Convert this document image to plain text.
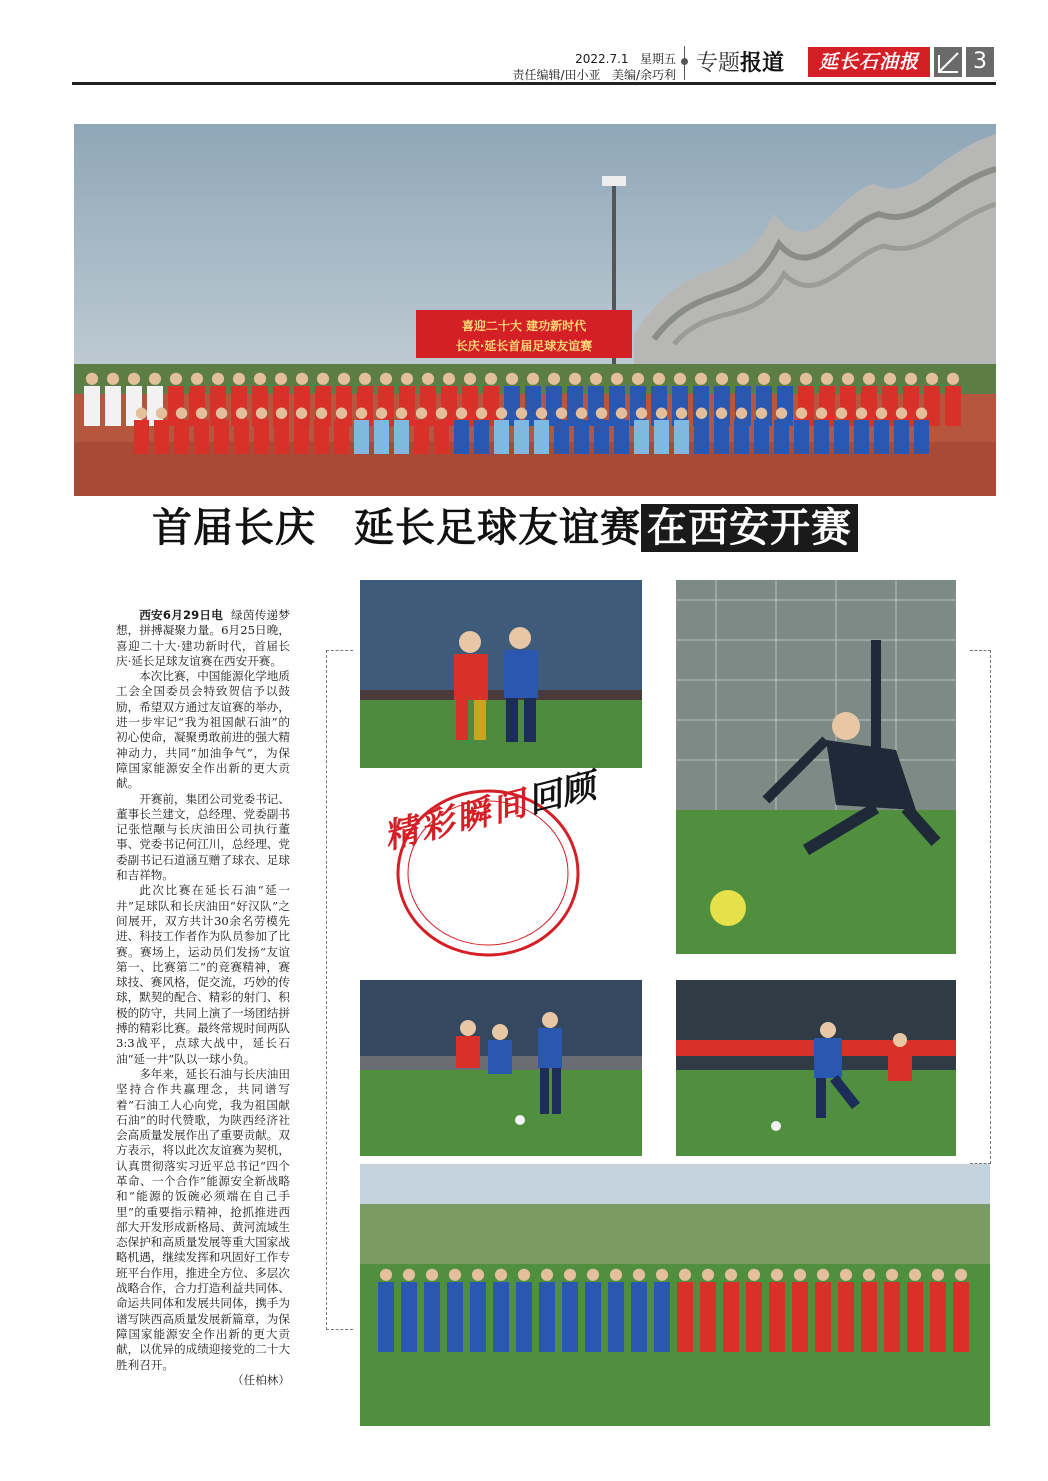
2022.7.1 星期五
责任编辑/田小亚 美编/余巧利 专题报道	延长石油报	3
喜迎二十大 建功新时代
长庆·延长首届足球友谊赛
首届长庆 延长足球友谊赛 在西安开赛

西安6月29日电 绿茵传递梦想，拼搏凝聚力量。6月25日晚，喜迎二十大·建功新时代，首届长庆·延长足球友谊赛在西安开赛。

本次比赛，中国能源化学地质工会全国委员会特致贺信予以鼓励，希望双方通过友谊赛的举办，进一步牢记“我为祖国献石油”的初心使命，凝聚勇敢前进的强大精神动力，共同“加油争气”，为保障国家能源安全作出新的更大贡献。

开赛前，集团公司党委书记、董事长兰建文，总经理、党委副书记张恺颙与长庆油田公司执行董事、党委书记何江川，总经理、党委副书记石道涵互赠了球衣、足球和吉祥物。

此次比赛在延长石油“延一井”足球队和长庆油田“好汉队”之间展开，双方共计30余名劳模先进、科技工作者作为队员参加了比赛。赛场上，运动员们发扬“友谊第一、比赛第二”的竞赛精神，赛球技、赛风格，促交流，巧妙的传球，默契的配合、精彩的射门、积极的防守，共同上演了一场团结拼搏的精彩比赛。最终常规时间两队3:3战平，点球大战中，延长石油“延一井”队以一球小负。

多年来，延长石油与长庆油田坚持合作共赢理念，共同谱写着“石油工人心向党，我为祖国献石油”的时代赞歌，为陕西经济社会高质量发展作出了重要贡献。双方表示，将以此次友谊赛为契机，认真贯彻落实习近平总书记“四个革命、一个合作”能源安全新战略和“能源的饭碗必须端在自己手里”的重要指示精神，抢抓推进西部大开发形成新格局、黄河流域生态保护和高质量发展等重大国家战略机遇，继续发挥和巩固好工作专班平台作用，推进全方位、多层次战略合作，合力打造利益共同体、命运共同体和发展共同体，携手为谱写陕西高质量发展新篇章，为保障国家能源安全作出新的更大贡献，以优异的成绩迎接党的二十大胜利召开。

（任柏林）

精彩瞬间回顾
